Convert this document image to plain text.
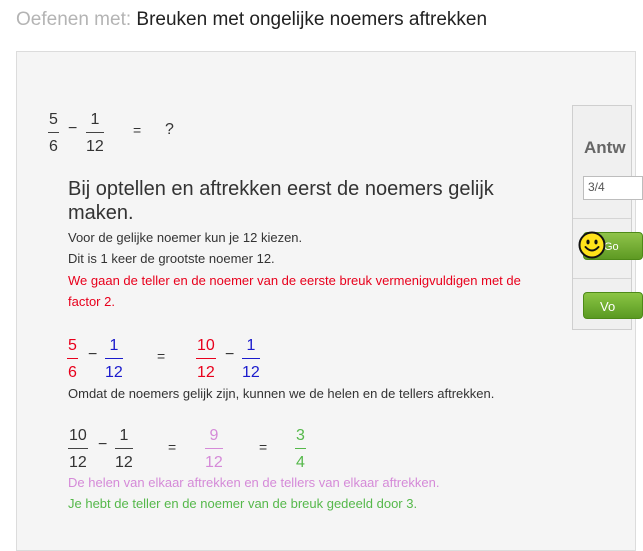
Oefenen met: Breuken met ongelijke noemers aftrekken
5
6
−
1
12
= ?
Bij optellen en aftrekken eerst de noemers gelijk maken.
Voor de gelijke noemer kun je 12 kiezen.
Dit is 1 keer de grootste noemer 12.
We gaan de teller en de noemer van de eerste breuk vermenigvuldigen met de factor 2.
5
6
−
1
12
=
10
12
−
1
12
Omdat de noemers gelijk zijn, kunnen we de helen en de tellers aftrekken.
10
12
−
1
12
=
9
12
=
3
4
De helen van elkaar aftrekken en de tellers van elkaar aftrekken.
Je hebt de teller en de noemer van de breuk gedeeld door 3.
Antw
3/4
Go
Vo
